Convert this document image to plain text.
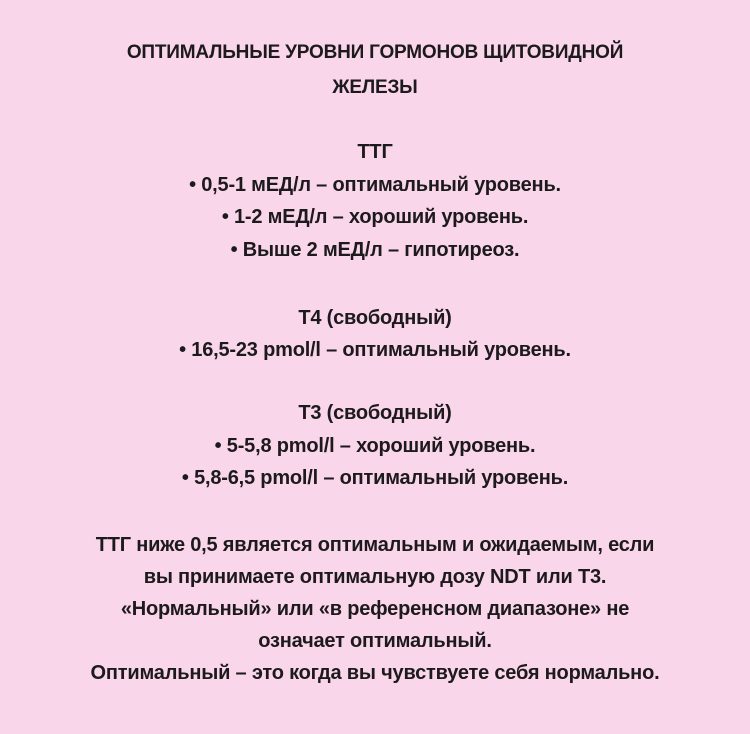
ОПТИМАЛЬНЫЕ УРОВНИ ГОРМОНОВ ЩИТОВИДНОЙ
ЖЕЛЕЗЫ
ТТГ
• 0,5-1 мЕД/л – оптимальный уровень.
• 1-2 мЕД/л – хороший уровень.
• Выше 2 мЕД/л – гипотиреоз.
Т4 (свободный)
• 16,5-23 pmol/l – оптимальный уровень.
Т3 (свободный)
• 5-5,8 pmol/l – хороший уровень.
• 5,8-6,5 pmol/l – оптимальный уровень.
ТТГ ниже 0,5 является оптимальным и ожидаемым, если
вы принимаете оптимальную дозу NDT или Т3.
«Нормальный» или «в референсном диапазоне» не
означает оптимальный.
Оптимальный – это когда вы чувствуете себя нормально.
